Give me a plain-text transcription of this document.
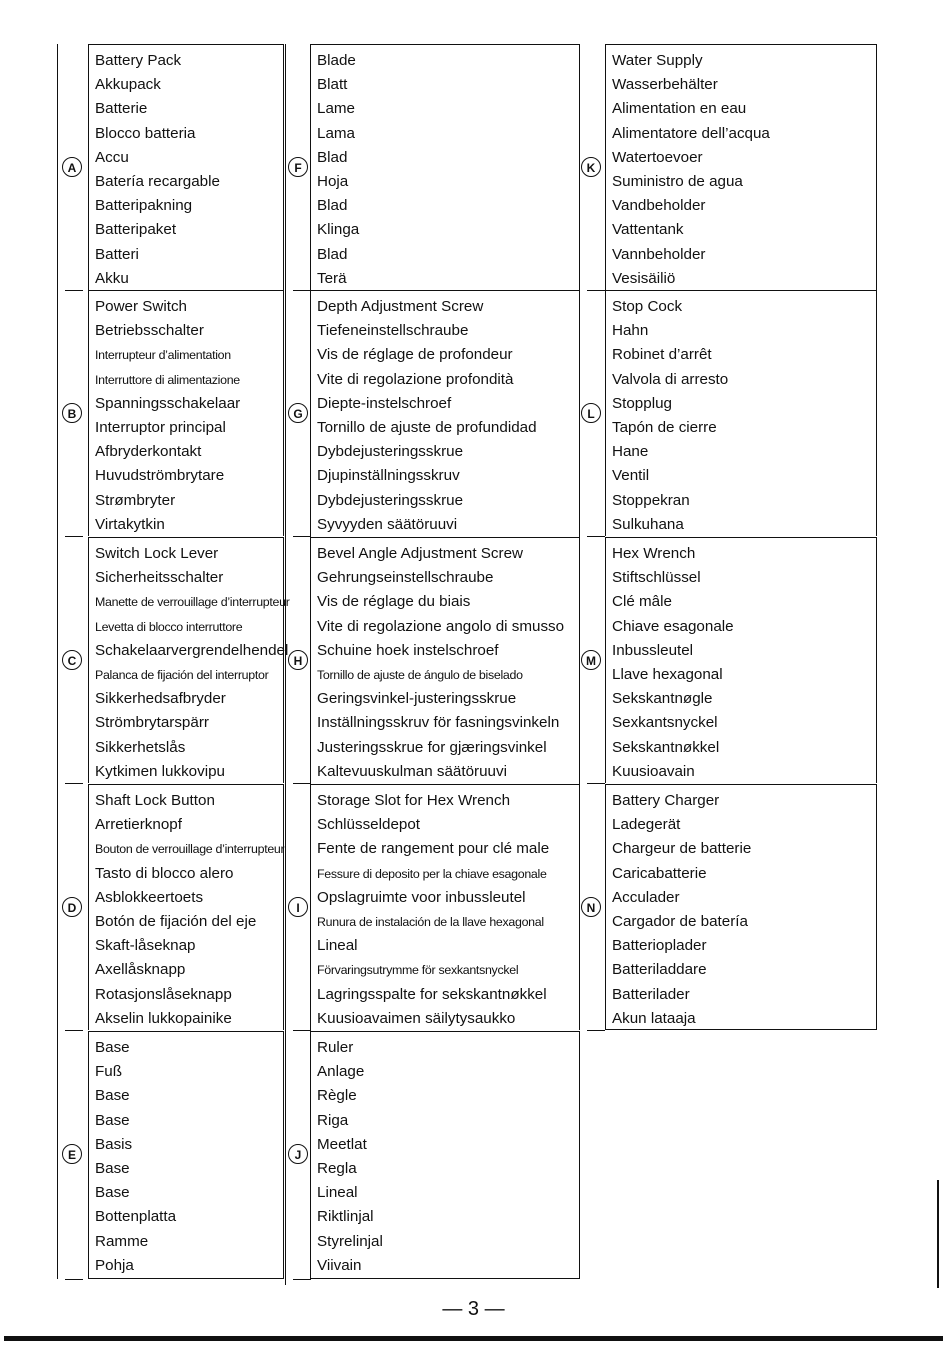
Battery Pack
Akkupack
Batterie
Blocco batteria
Accu
Batería recargable
Batteripakning
Batteripaket
Batteri
Akku
A
Blade
Blatt
Lame
Lama
Blad
Hoja
Blad
Klinga
Blad
Terä
F
Water Supply
Wasserbehälter
Alimentation en eau
Alimentatore dell’acqua
Watertoevoer
Suministro de agua
Vandbeholder
Vattentank
Vannbeholder
Vesisäiliö
K
Power Switch
Betriebsschalter
Interrupteur d’alimentation
Interruttore di alimentazione
Spanningsschakelaar
Interruptor principal
Afbryderkontakt
Huvudströmbrytare
Strømbryter
Virtakytkin
B
Depth Adjustment Screw
Tiefeneinstellschraube
Vis de réglage de profondeur
Vite di regolazione profondità
Diepte-instelschroef
Tornillo de ajuste de profundidad
Dybdejusteringsskrue
Djupinställningsskruv
Dybdejusteringsskrue
Syvyyden säätöruuvi
G
Stop Cock
Hahn
Robinet d’arrêt
Valvola di arresto
Stopplug
Tapón de cierre
Hane
Ventil
Stoppekran
Sulkuhana
L
Switch Lock Lever
Sicherheitsschalter
Manette de verrouillage d’interrupteur
Levetta di blocco interruttore
Schakelaarvergrendelhendel
Palanca de fijación del interruptor
Sikkerhedsafbryder
Strömbrytarspärr
Sikkerhetslås
Kytkimen lukkovipu
C
Bevel Angle Adjustment Screw
Gehrungseinstellschraube
Vis de réglage du biais
Vite di regolazione angolo di smusso
Schuine hoek instelschroef
Tornillo de ajuste de ángulo de biselado
Geringsvinkel-justeringsskrue
Inställningsskruv för fasningsvinkeln
Justeringsskrue for gjæringsvinkel
Kaltevuuskulman säätöruuvi
H
Hex Wrench
Stiftschlüssel
Clé mâle
Chiave esagonale
Inbussleutel
Llave hexagonal
Sekskantnøgle
Sexkantsnyckel
Sekskantnøkkel
Kuusioavain
M
Shaft Lock Button
Arretierknopf
Bouton de verrouillage d’interrupteur
Tasto di blocco alero
Asblokkeertoets
Botón de fijación del eje
Skaft-låseknap
Axellåsknapp
Rotasjonslåseknapp
Akselin lukkopainike
D
Storage Slot for Hex Wrench
Schlüsseldepot
Fente de rangement pour clé male
Fessure di deposito per la chiave esagonale
Opslagruimte voor inbussleutel
Runura de instalación de la llave hexagonal
Lineal
Förvaringsutrymme för sexkantsnyckel
Lagringsspalte for sekskantnøkkel
Kuusioavaimen säilytysaukko
I
Battery Charger
Ladegerät
Chargeur de batterie
Caricabatterie
Acculader
Cargador de batería
Batterioplader
Batteriladdare
Batterilader
Akun lataaja
N
Base
Fuß
Base
Base
Basis
Base
Base
Bottenplatta
Ramme
Pohja
E
Ruler
Anlage
Règle
Riga
Meetlat
Regla
Lineal
Riktlinjal
Styrelinjal
Viivain
J
— 3 —
